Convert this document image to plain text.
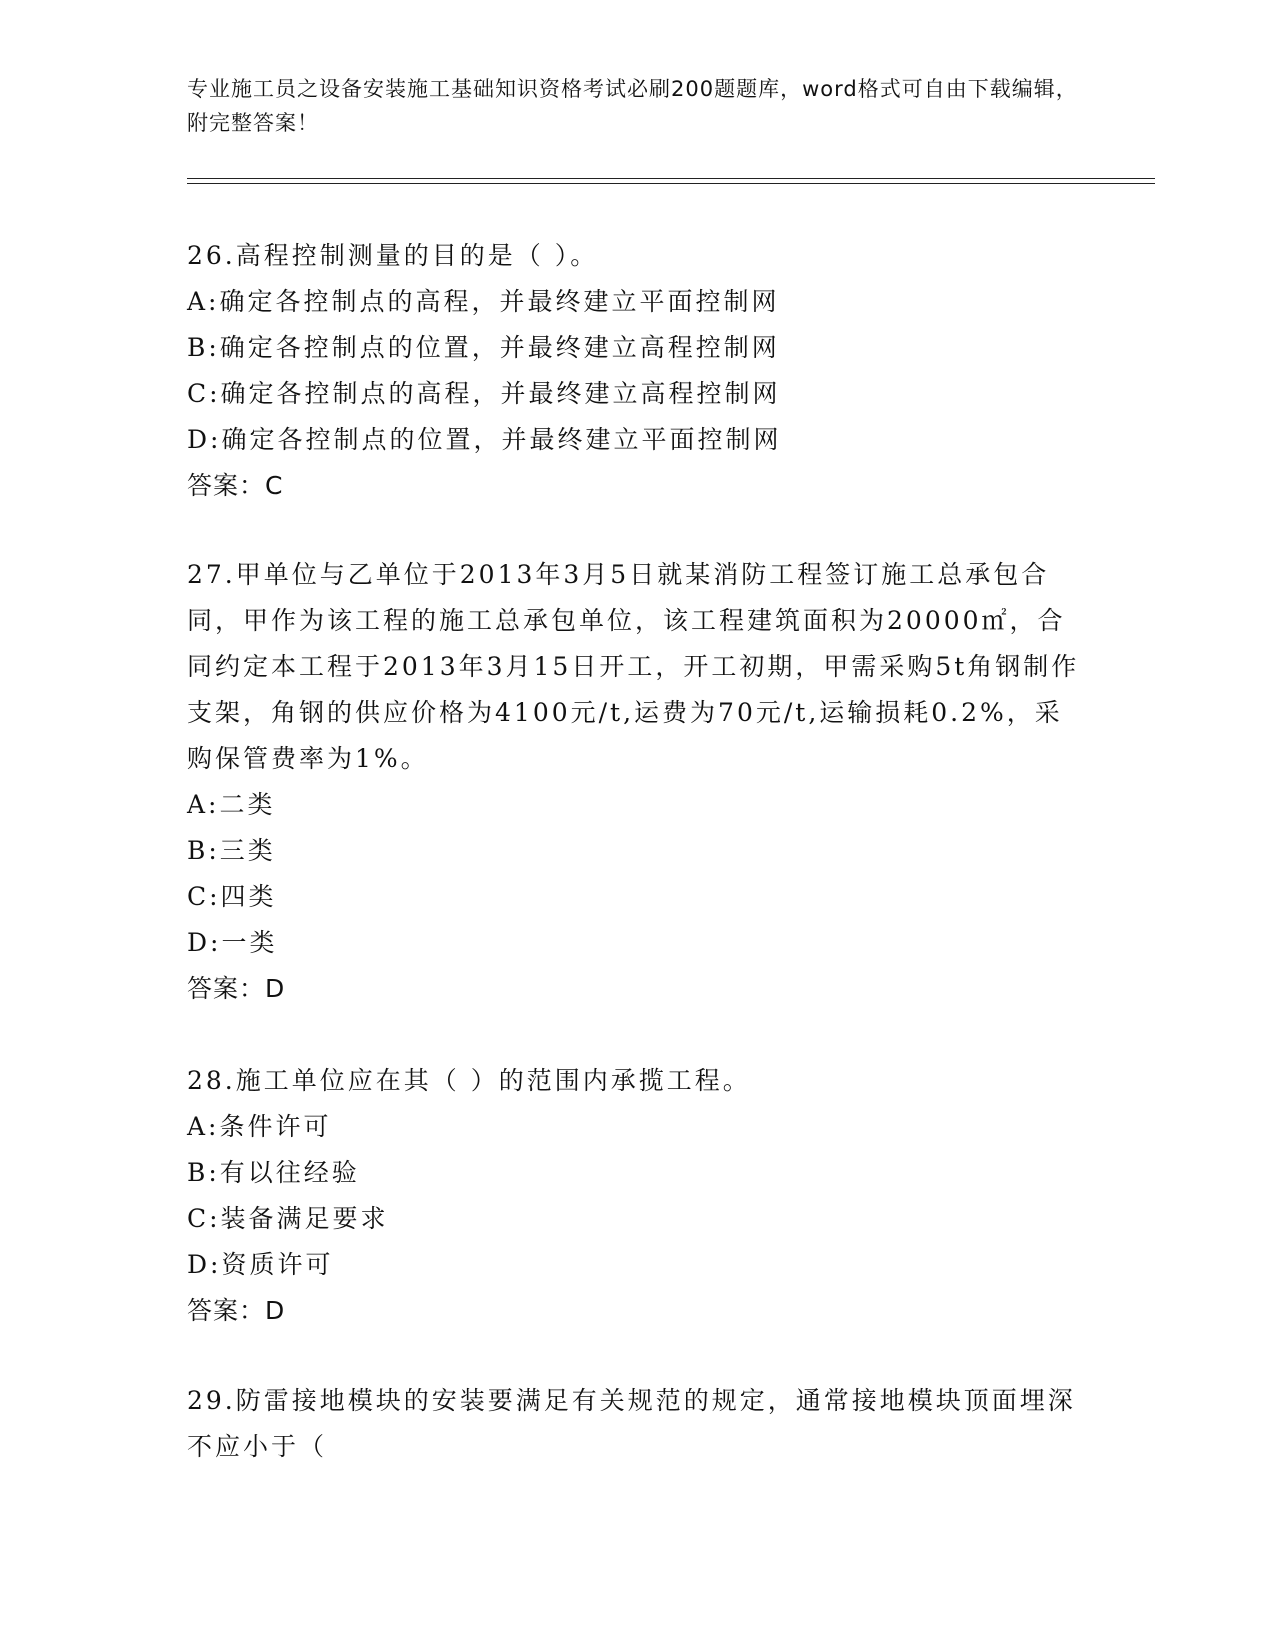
专业施工员之设备安装施工基础知识资格考试必刷200题题库，word格式可自由下载编辑，附完整答案！
26.高程控制测量的目的是（ ）。
A:确定各控制点的高程，并最终建立平面控制网
B:确定各控制点的位置，并最终建立高程控制网
C:确定各控制点的高程，并最终建立高程控制网
D:确定各控制点的位置，并最终建立平面控制网
答案：C
27.甲单位与乙单位于2013年3月5日就某消防工程签订施工总承包合同，甲作为该工程的施工总承包单位，该工程建筑面积为20000㎡，合同约定本工程于2013年3月15日开工，开工初期，甲需采购5t角钢制作支架，角钢的供应价格为4100元/t,运费为70元/t,运输损耗0.2%，采购保管费率为1%。
A:二类
B:三类
C:四类
D:一类
答案：D
28.施工单位应在其（ ）的范围内承揽工程。
A:条件许可
B:有以往经验
C:装备满足要求
D:资质许可
答案：D
29.防雷接地模块的安装要满足有关规范的规定，通常接地模块顶面埋深不应小于（
